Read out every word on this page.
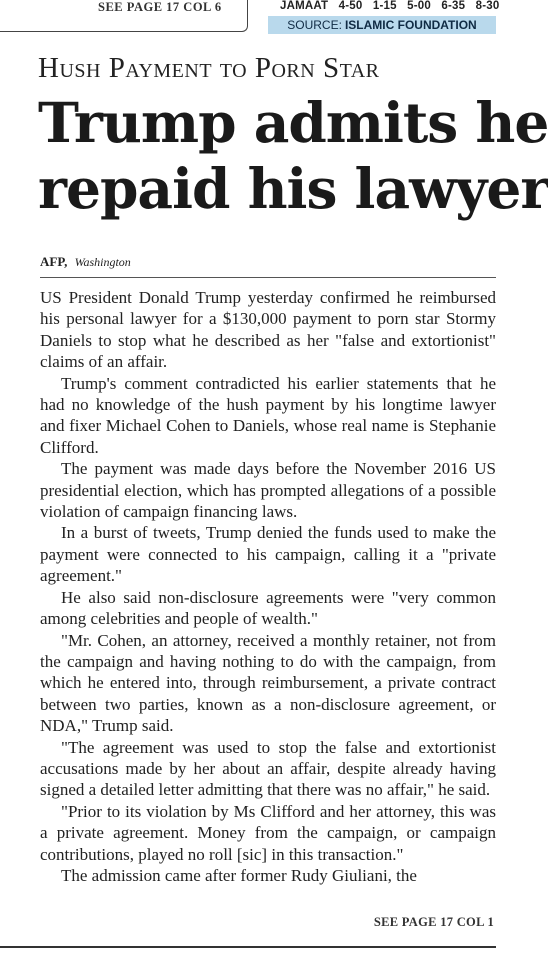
SEE PAGE 17 COL 6	JAMAAT 4-50 1-15 5-00 6-35 8-30
SOURCE: ISLAMIC FOUNDATION
Hush Payment to Porn Star
Trump admits he
repaid his lawyer
AFP, Washington

US President Donald Trump yesterday confirmed he reimbursed his personal lawyer for a $130,000 payment to porn star Stormy Daniels to stop what he described as her "false and extortionist" claims of an affair.

Trump's comment contradicted his earlier statements that he had no knowledge of the hush payment by his longtime lawyer and fixer Michael Cohen to Daniels, whose real name is Stephanie Clifford.

The payment was made days before the November 2016 US presidential election, which has prompted allegations of a possible violation of campaign financing laws.

In a burst of tweets, Trump denied the funds used to make the payment were connected to his campaign, calling it a "private agreement."

He also said non-disclosure agreements were "very common among celebrities and people of wealth."

"Mr. Cohen, an attorney, received a monthly retainer, not from the campaign and having nothing to do with the campaign, from which he entered into, through reimbursement, a private contract between two parties, known as a non-disclosure agreement, or NDA," Trump said.

"The agreement was used to stop the false and extortionist accusations made by her about an affair, despite already having signed a detailed letter admitting that there was no affair," he said.

"Prior to its violation by Ms Clifford and her attorney, this was a private agreement. Money from the campaign, or campaign contributions, played no roll [sic] in this transaction."

The admission came after former Rudy Giuliani, the

SEE PAGE 17 COL 1
